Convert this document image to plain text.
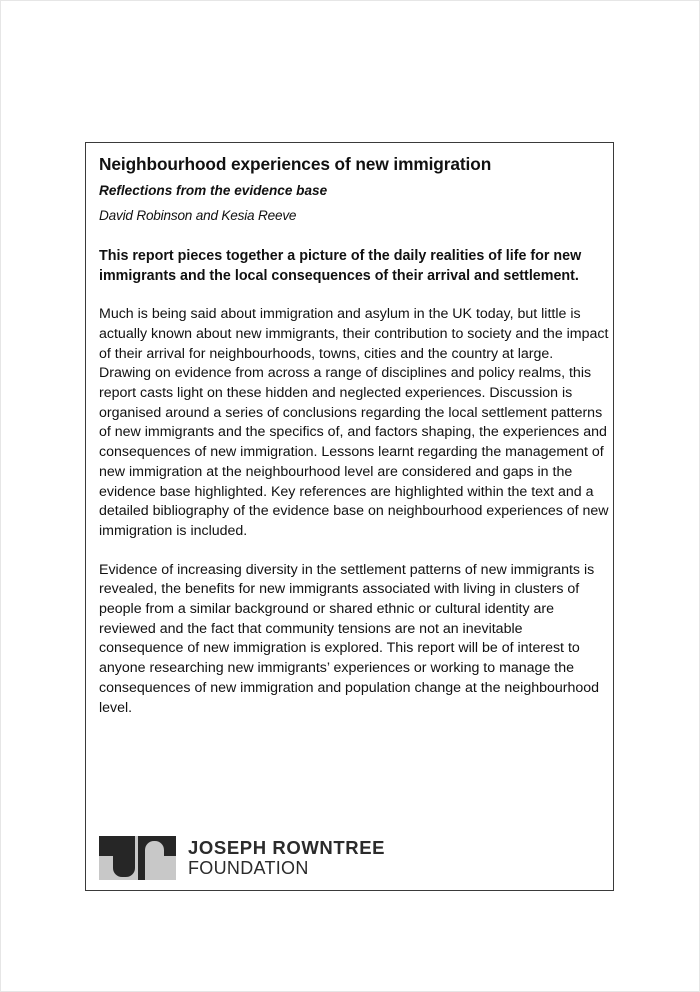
Neighbourhood experiences of new immigration

Reflections from the evidence base

David Robinson and Kesia Reeve

This report pieces together a picture of the daily realities of life for new immigrants and the local consequences of their arrival and settlement.

Much is being said about immigration and asylum in the UK today, but little is actually known about new immigrants, their contribution to society and the impact of their arrival for neighbourhoods, towns, cities and the country at large. Drawing on evidence from across a range of disciplines and policy realms, this report casts light on these hidden and neglected experiences. Discussion is organised around a series of conclusions regarding the local settlement patterns of new immigrants and the specifics of, and factors shaping, the experiences and consequences of new immigration. Lessons learnt regarding the management of new immigration at the neighbourhood level are considered and gaps in the evidence base highlighted. Key references are highlighted within the text and a detailed bibliography of the evidence base on neighbourhood experiences of new immigration is included.

Evidence of increasing diversity in the settlement patterns of new immigrants is revealed, the benefits for new immigrants associated with living in clusters of people from a similar background or shared ethnic or cultural identity are reviewed and the fact that community tensions are not an inevitable consequence of new immigration is explored. This report will be of interest to anyone researching new immigrants’ experiences or working to manage the consequences of new immigration and population change at the neighbourhood level.

JOSEPH ROWNTREE
FOUNDATION
